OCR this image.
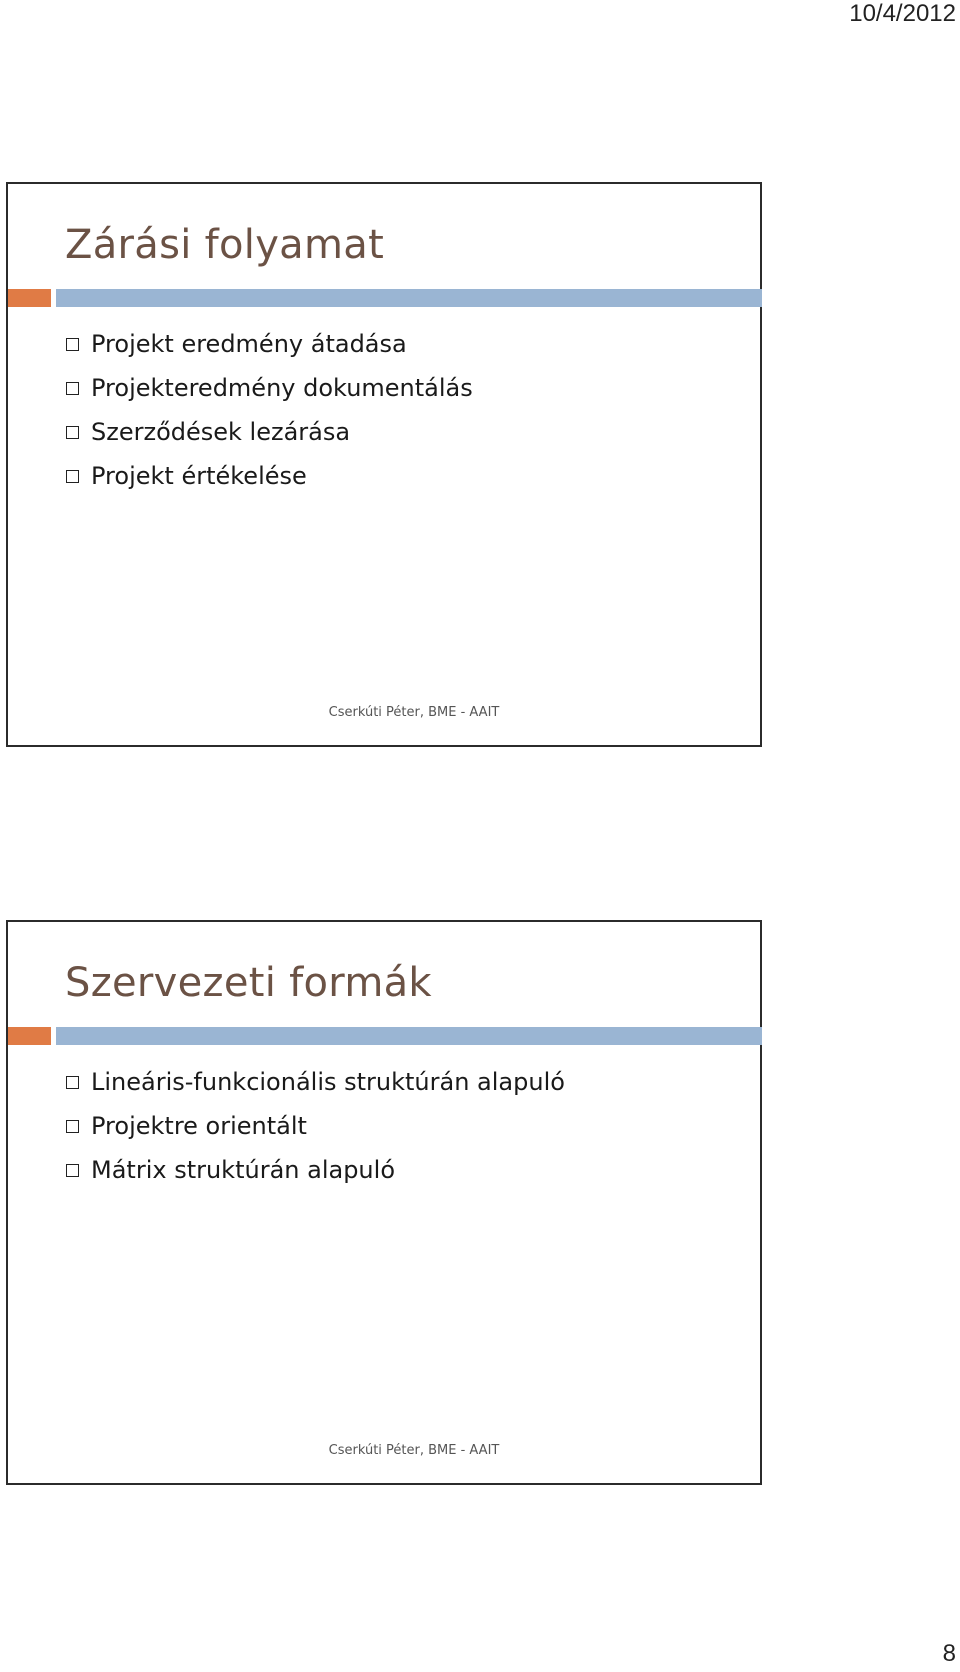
10/4/2012
Zárási folyamat
Projekt eredmény átadása
Projekteredmény dokumentálás
Szerződések lezárása
Projekt értékelése
Cserkúti Péter, BME - AAIT
Szervezeti formák
Lineáris-funkcionális struktúrán alapuló
Projektre orientált
Mátrix struktúrán alapuló
Cserkúti Péter, BME - AAIT
8
